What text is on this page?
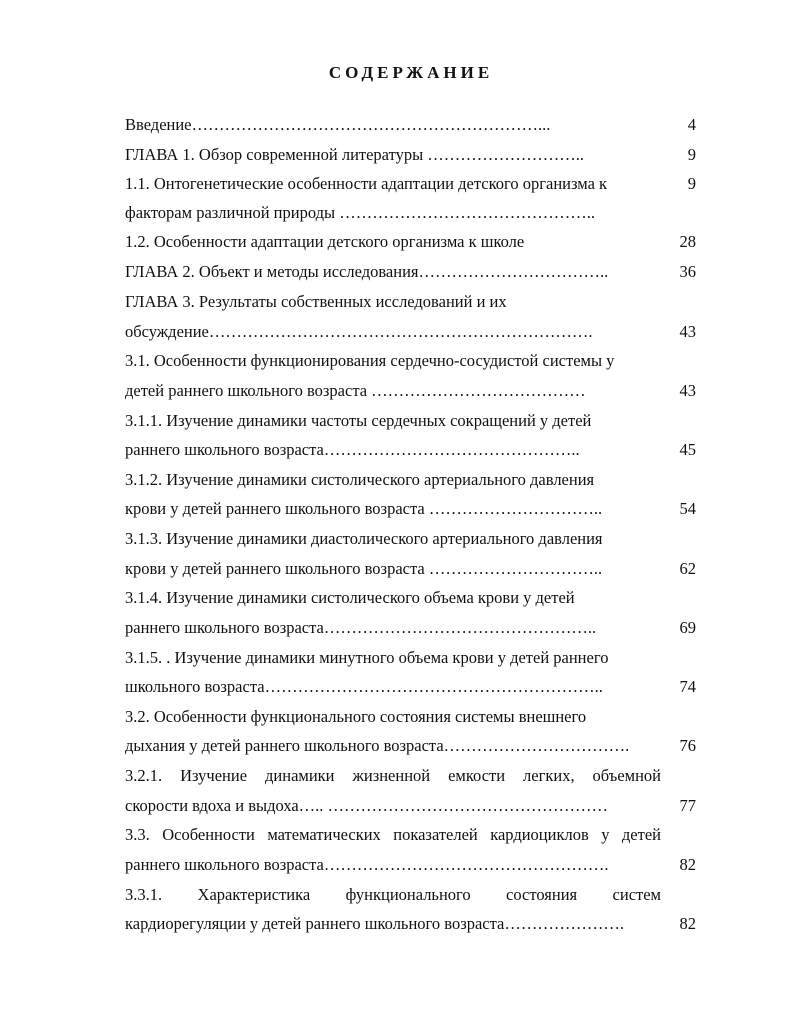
СОДЕРЖАНИЕ
Введение………………………………………………………...	4
ГЛАВА 1. Обзор современной литературы ………………………..	9
1.1. Онтогенетические особенности адаптации детского организма к	9
факторам различной природы ………………………………………..
1.2. Особенности адаптации детского организма к школе	28
ГЛАВА 2. Объект и методы исследования……………………………..	36
ГЛАВА 3. Результаты собственных исследований и их
обсуждение…………………………………………………………….	43
3.1. Особенности функционирования сердечно-сосудистой системы у
детей раннего школьного возраста …………………………………	43
3.1.1. Изучение динамики частоты сердечных сокращений у детей
раннего школьного возраста………………………………………..	45
3.1.2. Изучение динамики систолического артериального давления
крови у детей раннего школьного возраста …………………………..	54
3.1.3. Изучение динамики диастолического артериального давления
крови у детей раннего школьного возраста …………………………..	62
3.1.4. Изучение динамики систолического объема крови у детей
раннего школьного возраста…………………………………………..	69
3.1.5. . Изучение динамики минутного объема крови у детей раннего
школьного возраста……………………………………………………..	74
3.2. Особенности функционального состояния системы внешнего
дыхания у детей раннего школьного возраста…………………………….	76
3.2.1. Изучение динамики жизненной емкости легких, объемной
скорости вдоха и выдоха….. ……………………………………………	77
3.3. Особенности математических показателей кардиоциклов у детей
раннего школьного возраста…………………………………………….	82
3.3.1. Характеристика функционального состояния систем
кардиорегуляции у детей раннего школьного возраста………………….	82
